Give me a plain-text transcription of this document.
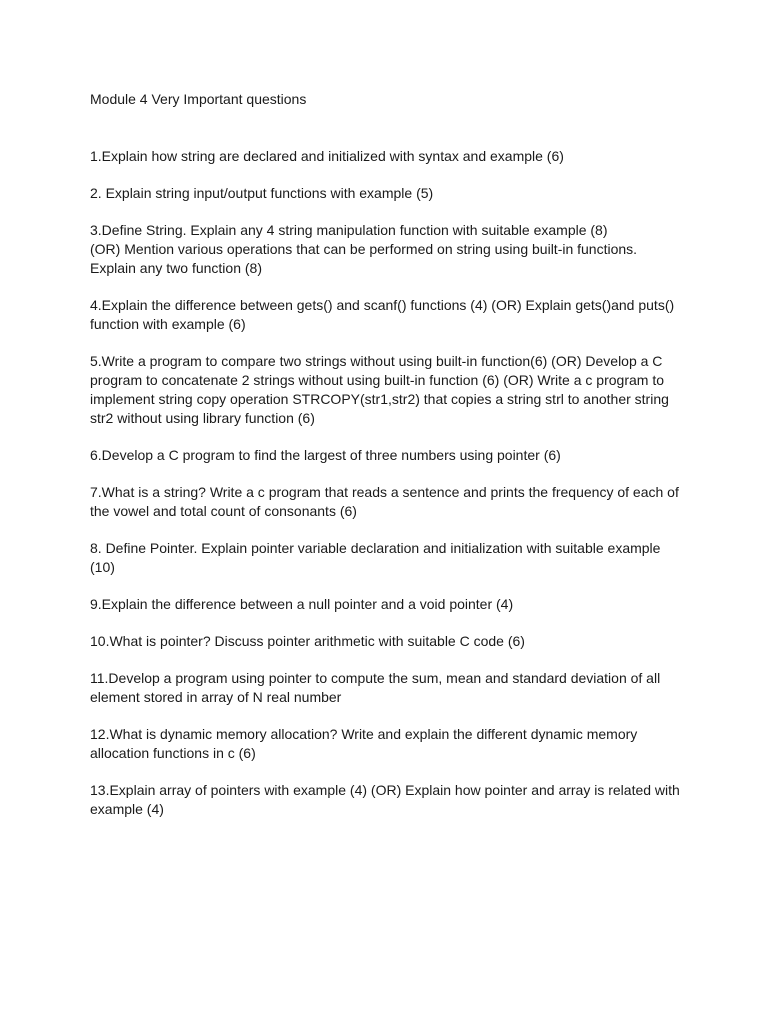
Module 4 Very Important questions
1.Explain how string are declared and initialized with syntax and example (6)
2. Explain string input/output functions with example (5)
3.Define String. Explain any 4 string manipulation function with suitable example (8)
(OR) Mention various operations that can be performed on string using built-in functions. Explain any two function (8)
4.Explain the difference between gets() and scanf() functions (4) (OR) Explain gets()and puts() function with example (6)
5.Write a program to compare two strings without using built-in function(6) (OR) Develop a C program to concatenate 2 strings without using built-in function (6) (OR) Write a c program to implement string copy operation STRCOPY(str1,str2) that copies a string strl to another string str2 without using library function (6)
6.Develop a C program to find the largest of three numbers using pointer (6)
7.What is a string? Write a c program that reads a sentence and prints the frequency of each of the vowel and total count of consonants (6)
8. Define Pointer. Explain pointer variable declaration and initialization with suitable example (10)
9.Explain the difference between a null pointer and a void pointer (4)
10.What is pointer? Discuss pointer arithmetic with suitable C code (6)
11.Develop a program using pointer to compute the sum, mean and standard deviation of all element stored in array of N real number
12.What is dynamic memory allocation? Write and explain the different dynamic memory allocation functions in c (6)
13.Explain array of pointers with example (4) (OR) Explain how pointer and array is related with example (4)
